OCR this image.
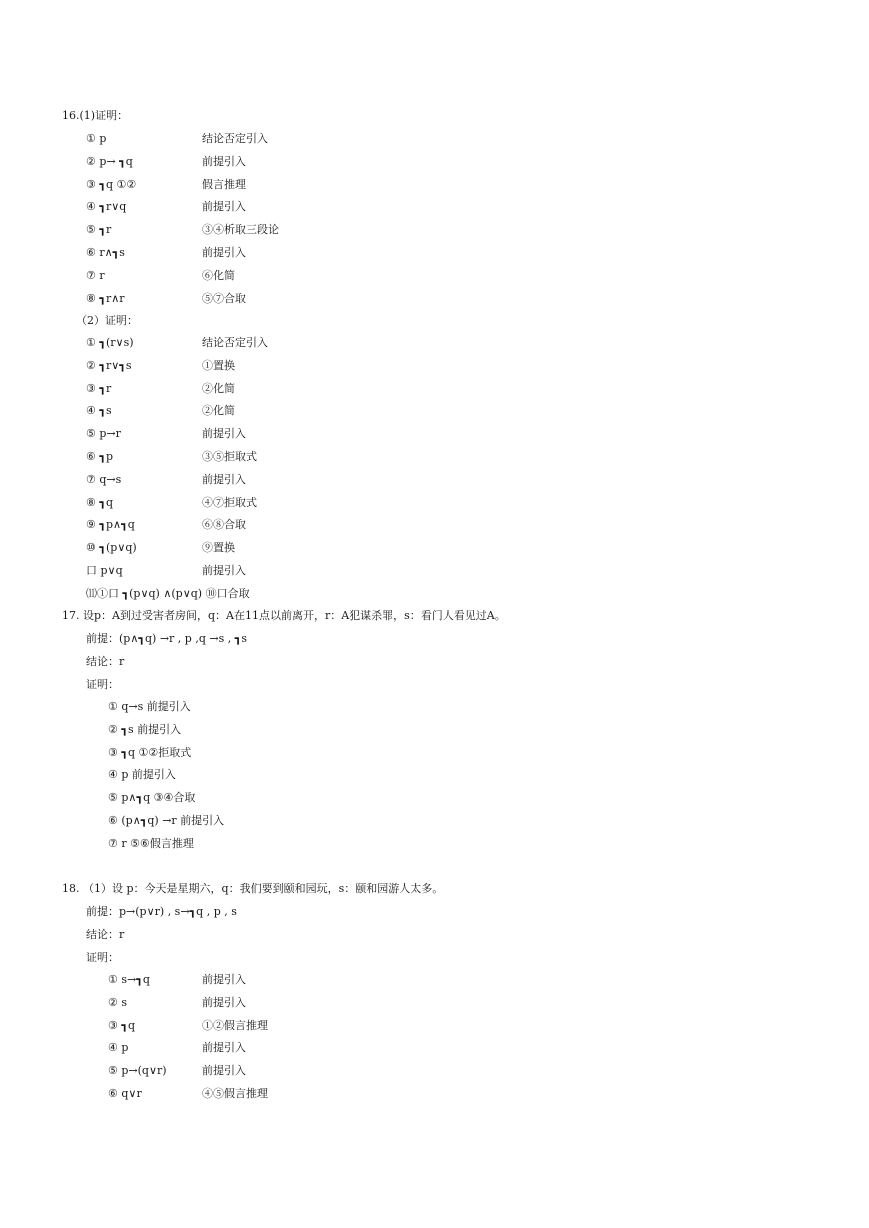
16.(1)证明：
① p	结论否定引入
② p→ ┓q	前提引入
③ ┓q ①②	假言推理
④ ┓r∨q	前提引入
⑤ ┓r	③④析取三段论
⑥ r∧┓s	前提引入
⑦ r	⑥化简
⑧ ┓r∧r	⑤⑦合取
（2）证明：
① ┓(r∨s)	结论否定引入
② ┓r∨┓s	①置换
③ ┓r	②化简
④ ┓s	②化简
⑤ p→r	前提引入
⑥ ┓p	③⑤拒取式
⑦ q→s	前提引入
⑧ ┓q	④⑦拒取式
⑨ ┓p∧┓q	⑥⑧合取
⑩ ┓(p∨q)	⑨置换
口 p∨q	前提引入
⑾①口 ┓(p∨q) ∧(p∨q) ⑩口合取
17. 设p：A到过受害者房间，q：A在11点以前离开，r：A犯谋杀罪，s：看门人看见过A。
前提：(p∧┓q) →r , p ,q →s , ┓s
结论：r
证明：
① q→s 前提引入
② ┓s 前提引入
③ ┓q ①②拒取式
④ p 前提引入
⑤ p∧┓q ③④合取
⑥ (p∧┓q) →r 前提引入
⑦ r ⑤⑥假言推理
18. （1）设 p：今天是星期六，q：我们要到颐和园玩，s：颐和园游人太多。
前提：p→(p∨r) , s→┓q , p , s
结论：r
证明：
① s→┓q	前提引入
② s	前提引入
③ ┓q	①②假言推理
④ p	前提引入
⑤ p→(q∨r)	前提引入
⑥ q∨r	④⑤假言推理
